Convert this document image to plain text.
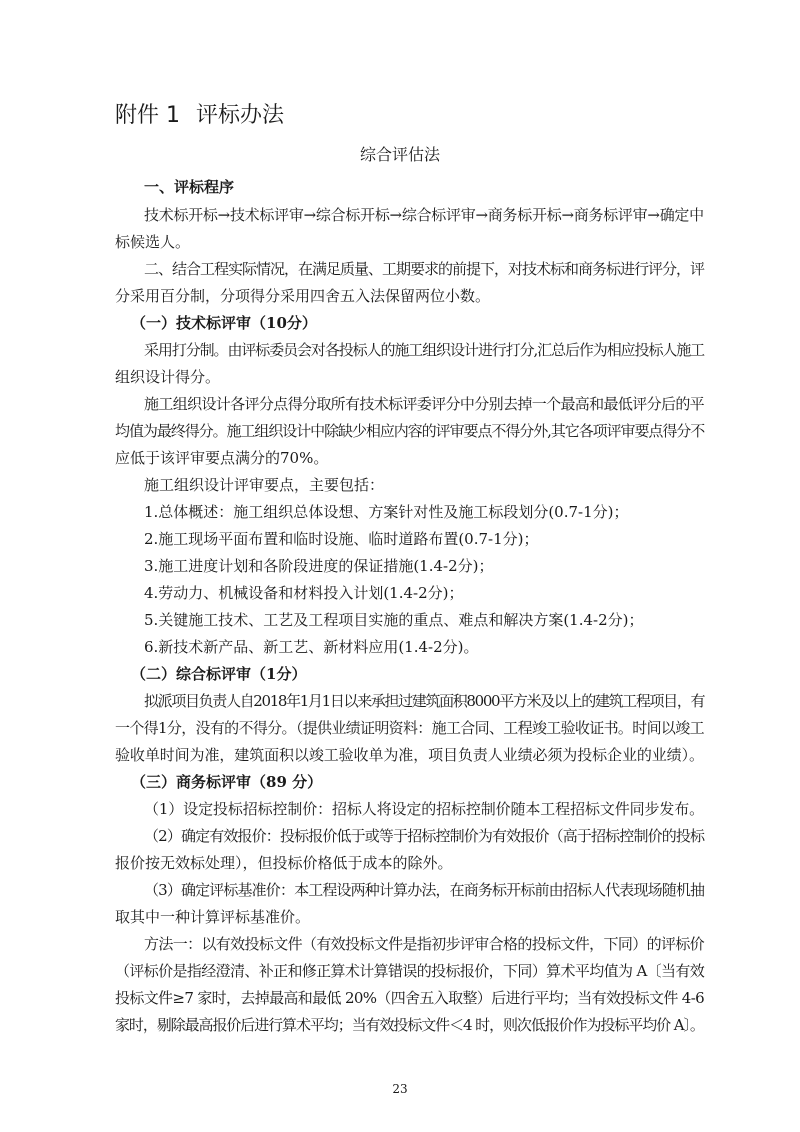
附件 1 评标办法
综合评估法
一、评标程序
技术标开标→技术标评审→综合标开标→综合标评审→商务标开标→商务标评审→确定中
标候选人。
二、结合工程实际情况，在满足质量、工期要求的前提下，对技术标和商务标进行评分，评
分采用百分制，分项得分采用四舍五入法保留两位小数。
（一）技术标评审（10分）
采用打分制。由评标委员会对各投标人的施工组织设计进行打分,汇总后作为相应投标人施工
组织设计得分。
施工组织设计各评分点得分取所有技术标评委评分中分别去掉一个最高和最低评分后的平
均值为最终得分。施工组织设计中除缺少相应内容的评审要点不得分外,其它各项评审要点得分不
应低于该评审要点满分的70%。
施工组织设计评审要点，主要包括：
1.总体概述：施工组织总体设想、方案针对性及施工标段划分(0.7-1分)；
2.施工现场平面布置和临时设施、临时道路布置(0.7-1分)；
3.施工进度计划和各阶段进度的保证措施(1.4-2分)；
4.劳动力、机械设备和材料投入计划(1.4-2分)；
5.关键施工技术、工艺及工程项目实施的重点、难点和解决方案(1.4-2分)；
6.新技术新产品、新工艺、新材料应用(1.4-2分)。
（二）综合标评审（1分）
拟派项目负责人自2018年1月1日以来承担过建筑面积8000平方米及以上的建筑工程项目，有
一个得1分，没有的不得分。（提供业绩证明资料：施工合同、工程竣工验收证书。时间以竣工
验收单时间为准，建筑面积以竣工验收单为准，项目负责人业绩必须为投标企业的业绩）。
（三）商务标评审（89 分）
（1）设定投标招标控制价：招标人将设定的招标控制价随本工程招标文件同步发布。
（2）确定有效报价：投标报价低于或等于招标控制价为有效报价（高于招标控制价的投标
报价按无效标处理），但投标价格低于成本的除外。
（3）确定评标基准价：本工程设两种计算办法，在商务标开标前由招标人代表现场随机抽
取其中一种计算评标基准价。
方法一：以有效投标文件（有效投标文件是指初步评审合格的投标文件，下同）的评标价
（评标价是指经澄清、补正和修正算术计算错误的投标报价，下同）算术平均值为 A〔当有效
投标文件≥7 家时，去掉最高和最低 20%（四舍五入取整）后进行平均；当有效投标文件 4-6
家时，剔除最高报价后进行算术平均；当有效投标文件＜4 时，则次低报价作为投标平均价 A〕。
23
